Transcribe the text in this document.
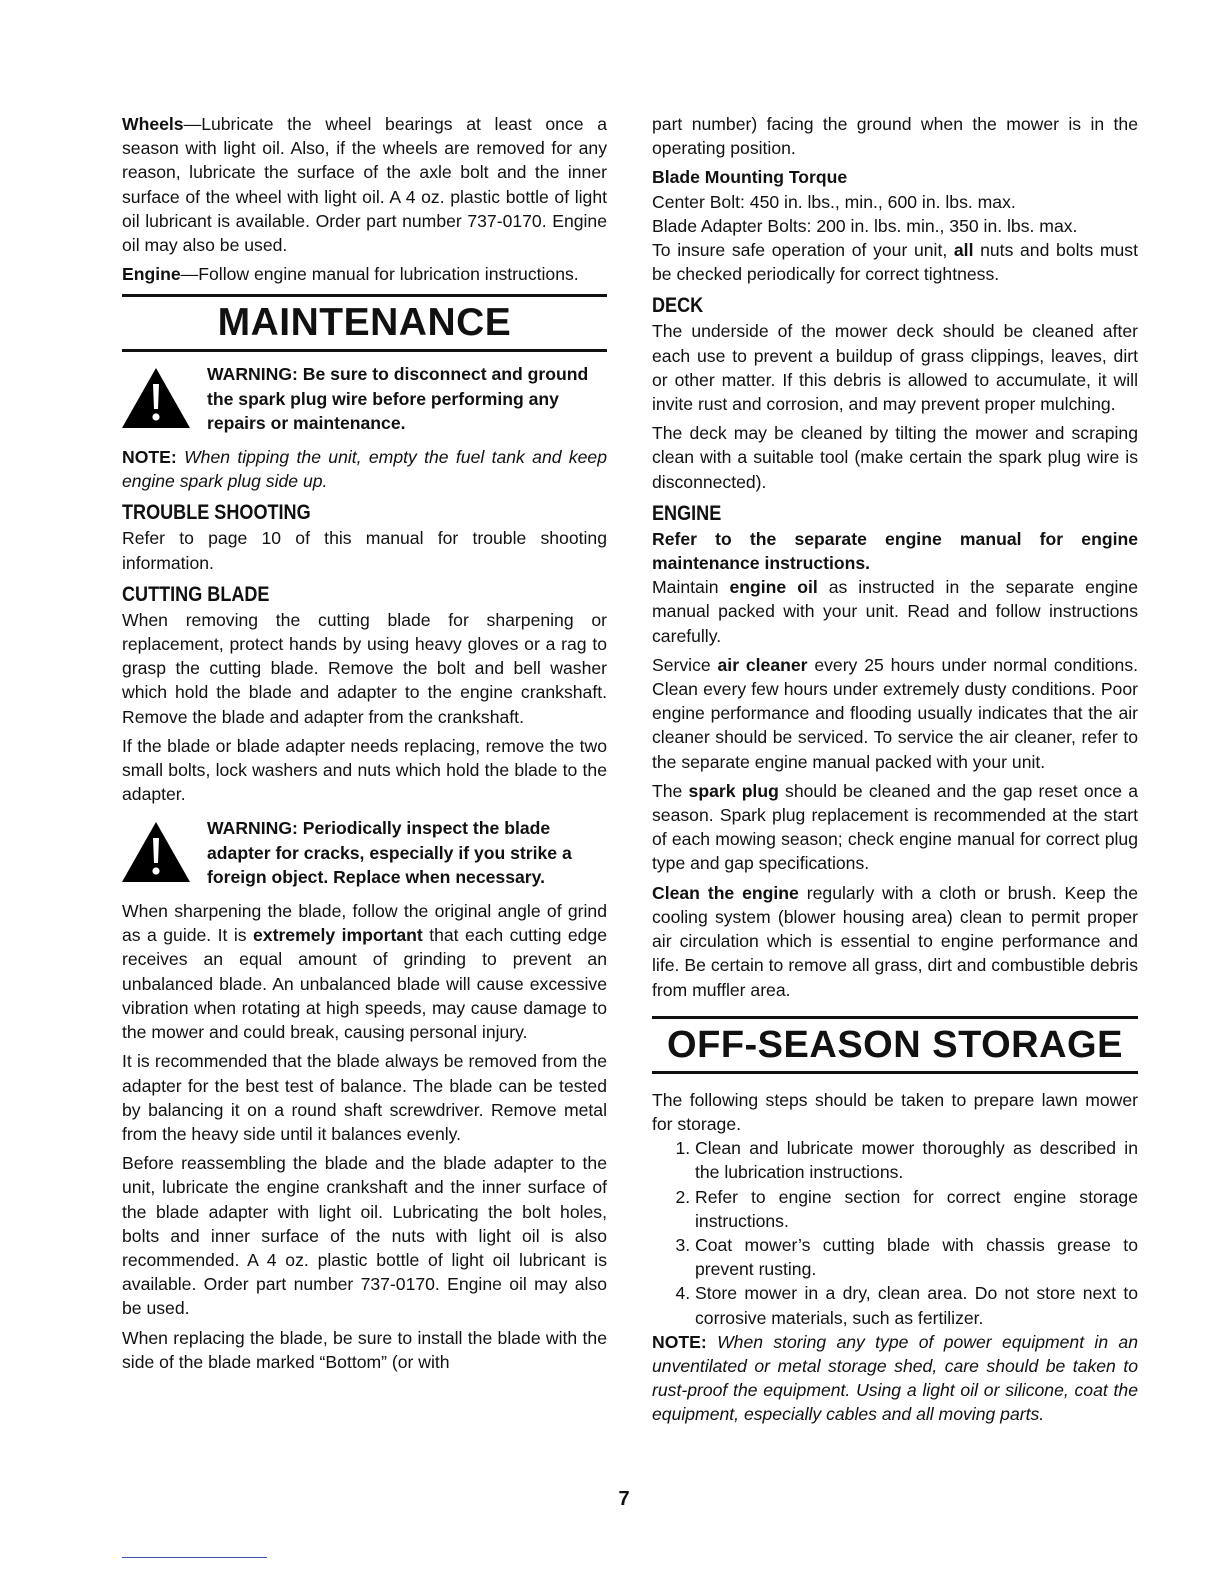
Wheels—Lubricate the wheel bearings at least once a season with light oil. Also, if the wheels are removed for any reason, lubricate the surface of the axle bolt and the inner surface of the wheel with light oil. A 4 oz. plastic bottle of light oil lubricant is available. Order part number 737-0170. Engine oil may also be used.

Engine—Follow engine manual for lubrication instructions.

MAINTENANCE
WARNING: Be sure to disconnect and ground the spark plug wire before performing any repairs or maintenance.

NOTE: When tipping the unit, empty the fuel tank and keep engine spark plug side up.

TROUBLE SHOOTING

Refer to page 10 of this manual for trouble shooting information.

CUTTING BLADE

When removing the cutting blade for sharpening or replacement, protect hands by using heavy gloves or a rag to grasp the cutting blade. Remove the bolt and bell washer which hold the blade and adapter to the engine crankshaft. Remove the blade and adapter from the crankshaft.

If the blade or blade adapter needs replacing, remove the two small bolts, lock washers and nuts which hold the blade to the adapter.

WARNING: Periodically inspect the blade adapter for cracks, especially if you strike a foreign object. Replace when necessary.

When sharpening the blade, follow the original angle of grind as a guide. It is extremely important that each cutting edge receives an equal amount of grinding to prevent an unbalanced blade. An unbalanced blade will cause excessive vibration when rotating at high speeds, may cause damage to the mower and could break, causing personal injury.

It is recommended that the blade always be removed from the adapter for the best test of balance. The blade can be tested by balancing it on a round shaft screwdriver. Remove metal from the heavy side until it balances evenly.

Before reassembling the blade and the blade adapter to the unit, lubricate the engine crankshaft and the inner surface of the blade adapter with light oil. Lubricating the bolt holes, bolts and inner surface of the nuts with light oil is also recommended. A 4 oz. plastic bottle of light oil lubricant is available. Order part number 737-0170. Engine oil may also be used.

When replacing the blade, be sure to install the blade with the side of the blade marked “Bottom” (or with

part number) facing the ground when the mower is in the operating position.

Blade Mounting Torque

Center Bolt: 450 in. lbs., min., 600 in. lbs. max.

Blade Adapter Bolts: 200 in. lbs. min., 350 in. lbs. max.

To insure safe operation of your unit, all nuts and bolts must be checked periodically for correct tightness.

DECK

The underside of the mower deck should be cleaned after each use to prevent a buildup of grass clippings, leaves, dirt or other matter. If this debris is allowed to accumulate, it will invite rust and corrosion, and may prevent proper mulching.

The deck may be cleaned by tilting the mower and scraping clean with a suitable tool (make certain the spark plug wire is disconnected).

ENGINE

Refer to the separate engine manual for engine maintenance instructions.

Maintain engine oil as instructed in the separate engine manual packed with your unit. Read and follow instructions carefully.

Service air cleaner every 25 hours under normal conditions. Clean every few hours under extremely dusty conditions. Poor engine performance and flooding usually indicates that the air cleaner should be serviced. To service the air cleaner, refer to the separate engine manual packed with your unit.

The spark plug should be cleaned and the gap reset once a season. Spark plug replacement is recommended at the start of each mowing season; check engine manual for correct plug type and gap specifications.

Clean the engine regularly with a cloth or brush. Keep the cooling system (blower housing area) clean to permit proper air circulation which is essential to engine performance and life. Be certain to remove all grass, dirt and combustible debris from muffler area.

OFF-SEASON STORAGE

The following steps should be taken to prepare lawn mower for storage.

1. Clean and lubricate mower thoroughly as described in the lubrication instructions.
2. Refer to engine section for correct engine storage instructions.
3. Coat mower’s cutting blade with chassis grease to prevent rusting.
4. Store mower in a dry, clean area. Do not store next to corrosive materials, such as fertilizer.

NOTE: When storing any type of power equipment in an unventilated or metal storage shed, care should be taken to rust-proof the equipment. Using a light oil or silicone, coat the equipment, especially cables and all moving parts.

7
